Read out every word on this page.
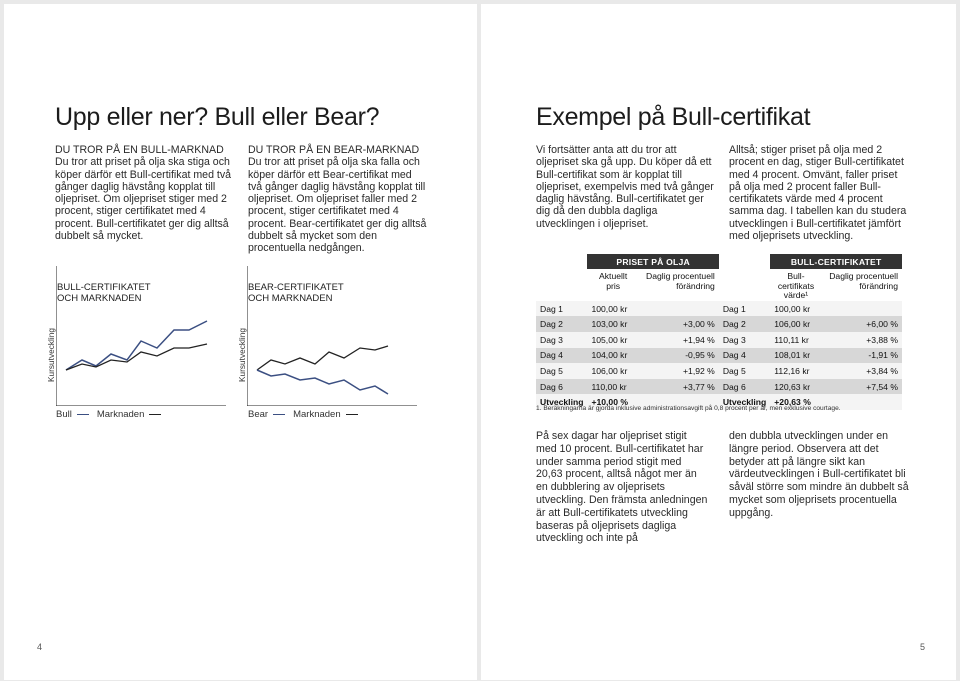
Upp eller ner? Bull eller Bear?
DU TROR PÅ EN BULL-MARKNAD
Du tror att priset på olja ska stiga och köper därför ett Bull-certifikat med två gånger daglig hävstång kopplat till oljepriset. Om oljepriset stiger med 2 procent, stiger certifikatet med 4 procent. Bull-certifikatet ger dig alltså dubbelt så mycket.
DU TROR PÅ EN BEAR-MARKNAD
Du tror att priset på olja ska falla och köper därför ett Bear-certifikat med två gånger daglig hävstång kopplat till oljepriset. Om oljepriset faller med 2 procent, stiger certifikatet med 4 procent. Bear-certifikatet ger dig alltså dubbelt så mycket som den procentuella nedgången.
BULL-CERTIFIKATET
OCH MARKNADEN
Kursutveckling
Bull	Marknaden
BEAR-CERTIFIKATET
OCH MARKNADEN
Kursutveckling
Bear	Marknaden
4
Exempel på Bull-certifikat
Vi fortsätter anta att du tror att oljepriset ska gå upp. Du köper då ett Bull-certifikat som är kopplat till oljepriset, exempelvis med två gånger daglig hävstång. Bull-certifikatet ger dig då den dubbla dagliga utvecklingen i oljepriset.
Alltså; stiger priset på olja med 2 procent en dag, stiger Bull-certifikatet med 4 procent. Omvänt, faller priset på olja med 2 procent faller Bull-certifikatets värde med 4 procent samma dag. I tabellen kan du studera utvecklingen i Bull-certifikatet jämfört med oljeprisets utveckling.
	PRISET PÅ OLJA			BULL-CERTIFIKATET	
	Aktuellt pris	Daglig procentuell förändring		Bull-certifikats värde¹	Daglig procentuell förändring
Dag 1	100,00 kr		Dag 1	100,00 kr	
Dag 2	103,00 kr	+3,00 %	Dag 2	106,00 kr	+6,00 %
Dag 3	105,00 kr	+1,94 %	Dag 3	110,11 kr	+3,88 %
Dag 4	104,00 kr	-0,95 %	Dag 4	108,01 kr	-1,91 %
Dag 5	106,00 kr	+1,92 %	Dag 5	112,16 kr	+3,84 %
Dag 6	110,00 kr	+3,77 %	Dag 6	120,63 kr	+7,54 %
Utveckling	+10,00 %		Utveckling	+20,63 %	
1. Beräkningarna är gjorda inklusive administrationsavgift på 0,8 procent per år, men exklusive courtage.
På sex dagar har oljepriset stigit med 10 procent. Bull-certifikatet har under samma period stigit med 20,63 procent, alltså något mer än en dubblering av oljeprisets utveckling. Den främsta anledningen är att Bull-certifikatets utveckling baseras på oljeprisets dagliga utveckling och inte på
den dubbla utvecklingen under en längre period. Observera att det betyder att på längre sikt kan värdeutvecklingen i Bull-certifikatet bli såväl större som mindre än dubbelt så mycket som oljeprisets procentuella uppgång.
5
